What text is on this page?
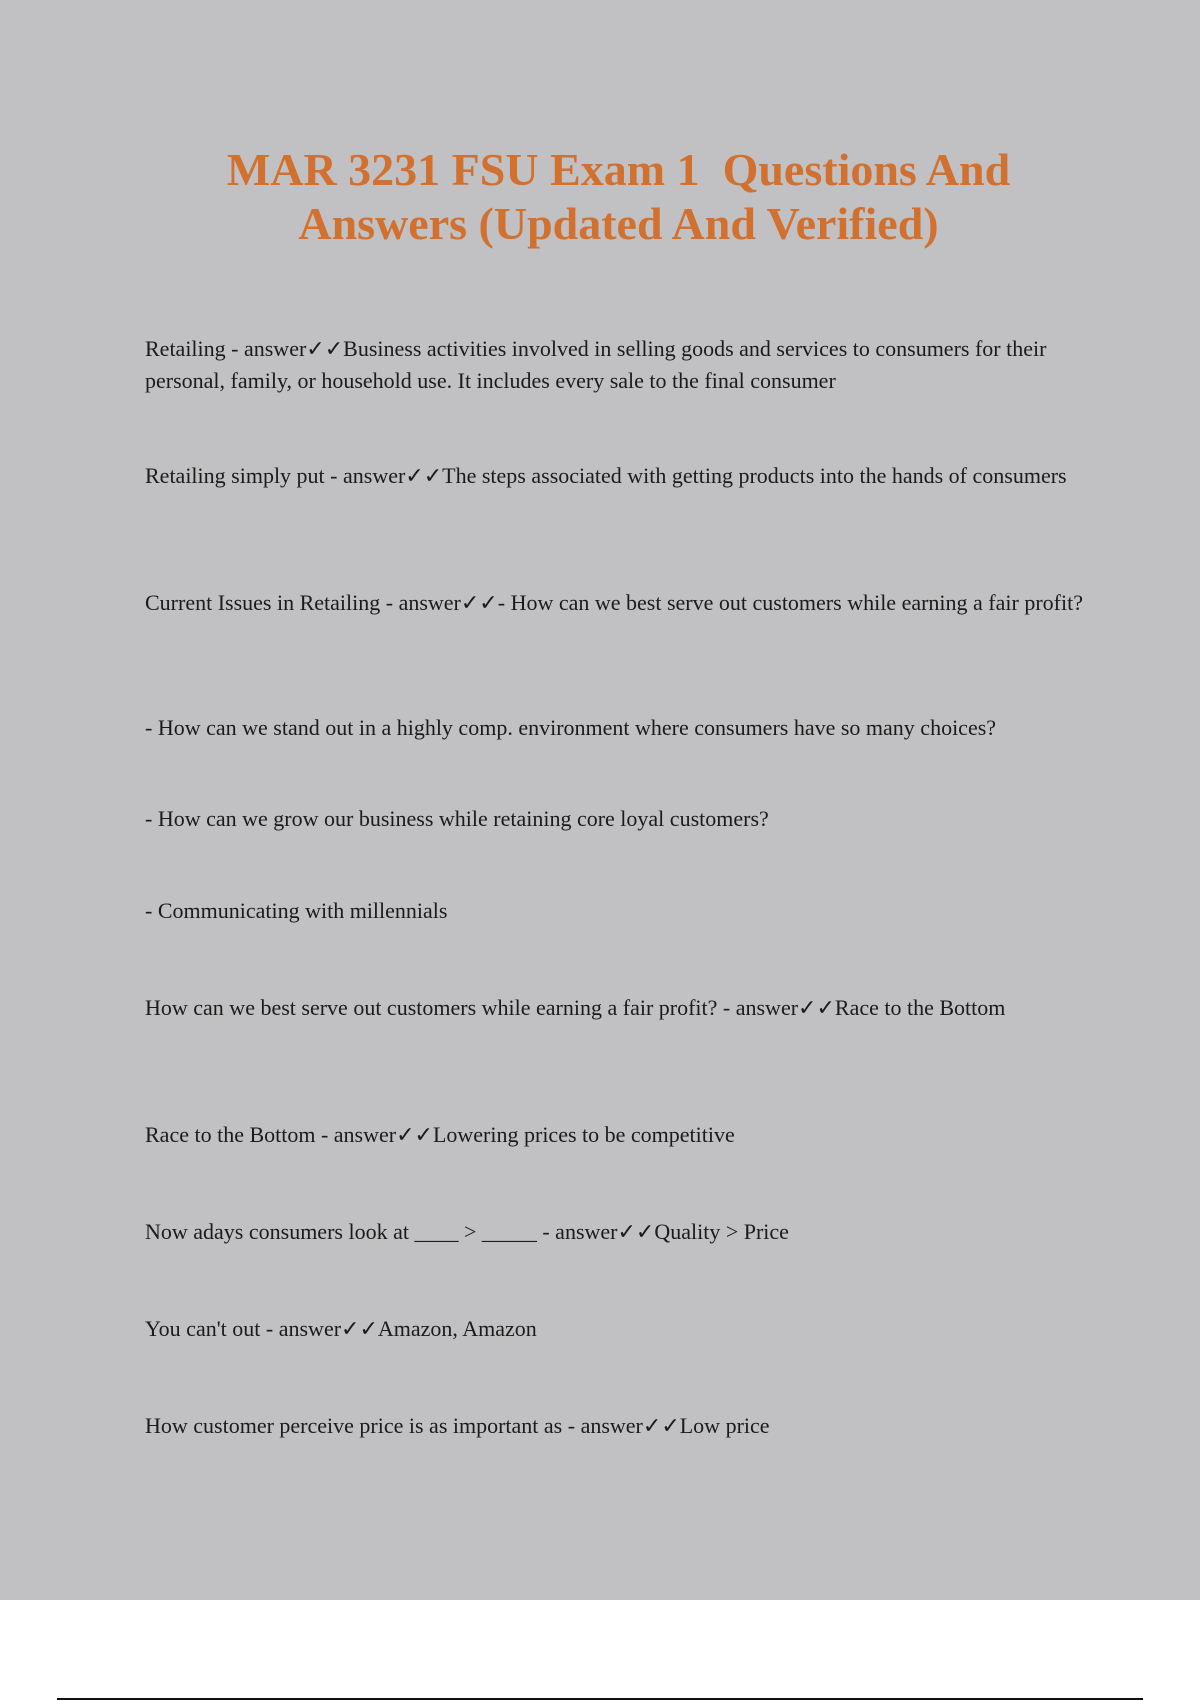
MAR 3231 FSU Exam 1  Questions And
Answers (Updated And Verified)
Retailing - answer✓✓Business activities involved in selling goods and services to consumers for their personal, family, or household use. It includes every sale to the final consumer
Retailing simply put - answer✓✓The steps associated with getting products into the hands of consumers
Current Issues in Retailing - answer✓✓- How can we best serve out customers while earning a fair profit?
- How can we stand out in a highly comp. environment where consumers have so many choices?
- How can we grow our business while retaining core loyal customers?
- Communicating with millennials
How can we best serve out customers while earning a fair profit? - answer✓✓Race to the Bottom
Race to the Bottom - answer✓✓Lowering prices to be competitive
Now adays consumers look at ____ > _____ - answer✓✓Quality > Price
You can't out - answer✓✓Amazon, Amazon
How customer perceive price is as important as - answer✓✓Low price
